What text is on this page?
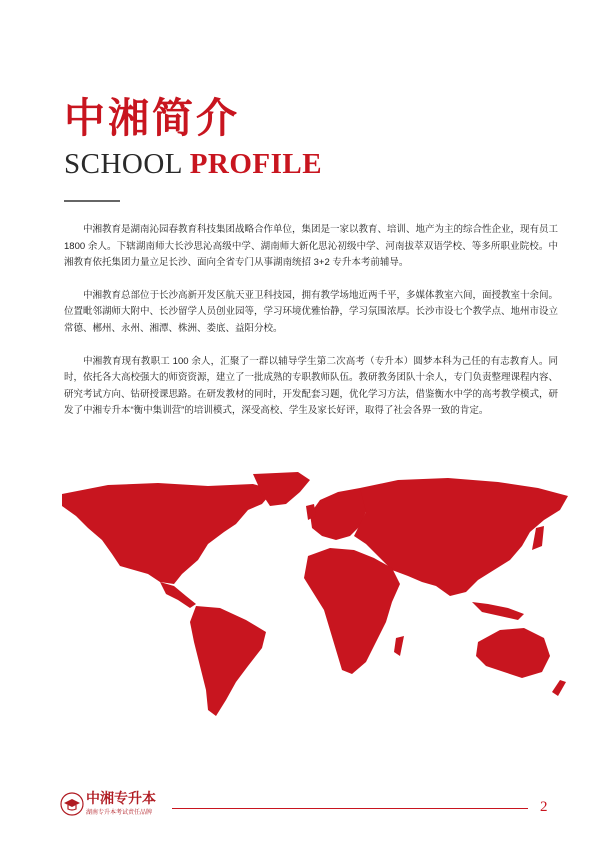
中湘简介
SCHOOL PROFILE

中湘教育是湖南沁园春教育科技集团战略合作单位，集团是一家以教育、培训、地产为主的综合性企业，现有员工1800 余人。下辖湖南师大长沙思沁高级中学、湖南师大新化思沁初级中学、河南拔萃双语学校、等多所职业院校。中湘教育依托集团力量立足长沙、面向全省专门从事湖南统招 3+2 专升本考前辅导。

中湘教育总部位于长沙高新开发区航天亚卫科技园，拥有教学场地近两千平，多媒体教室六间，面授教室十余间。位置毗邻湖师大附中、长沙留学人员创业园等，学习环境优雅怡静，学习氛围浓厚。长沙市设七个教学点、地州市设立常德、郴州、永州、湘潭、株洲、娄底、益阳分校。

中湘教育现有教职工 100 余人，汇聚了一群以辅导学生第二次高考（专升本）圆梦本科为己任的有志教育人。同时，依托各大高校强大的师资资源，建立了一批成熟的专职教师队伍。教研教务团队十余人，专门负责整理课程内容、研究考试方向、钻研授课思路。在研发教材的同时，开发配套习题，优化学习方法，借鉴衡水中学的高考教学模式，研发了中湘专升本“衡中集训营”的培训模式，深受高校、学生及家长好评，取得了社会各界一致的肯定。

中湘专升本
湖南专升本考试责任品牌	2
